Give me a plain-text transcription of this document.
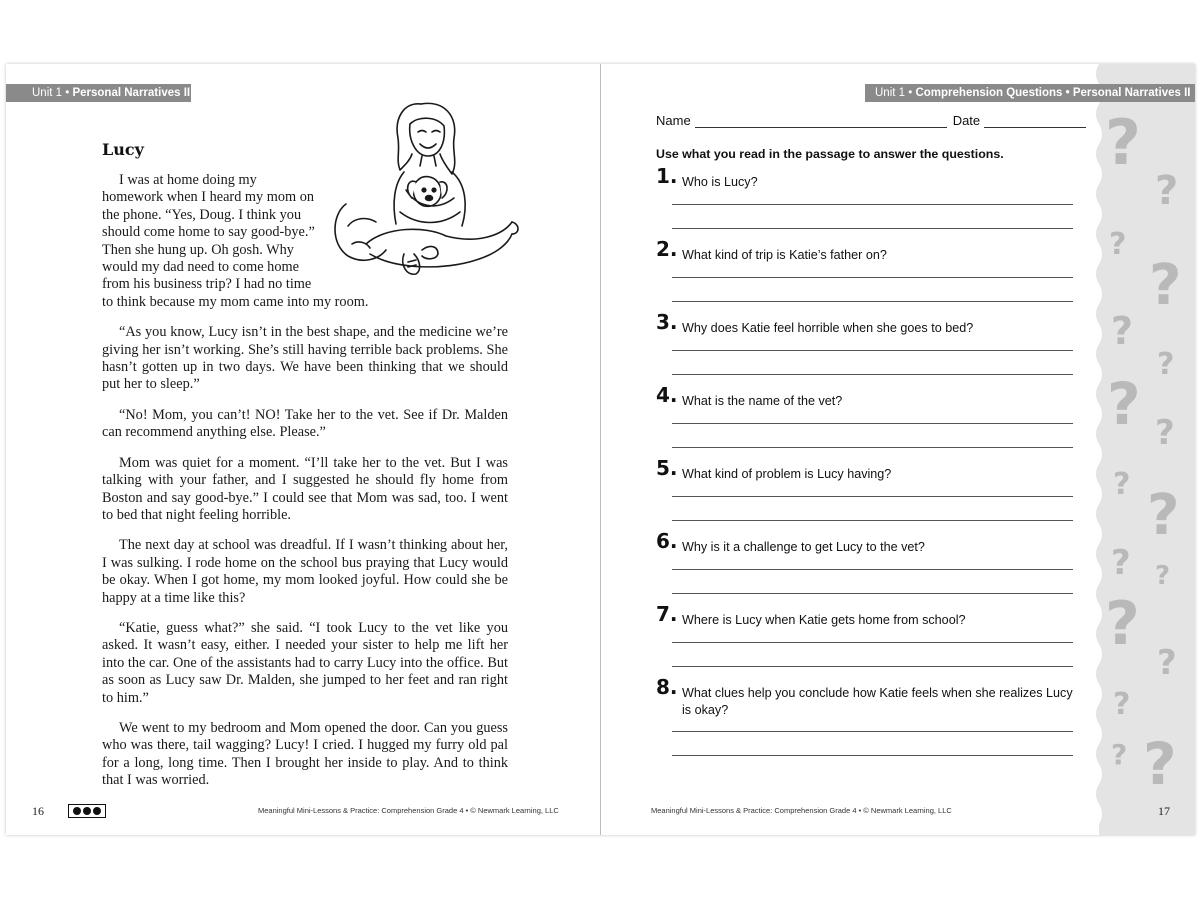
Unit 1 • Personal Narratives II
Lucy

I was at home doing my homework when I heard my mom on the phone. “Yes, Doug. I think you should come home to say good-bye.” Then she hung up. Oh gosh. Why would my dad need to come home from his business trip? I had no time to think because my mom came into my room.

“As you know, Lucy isn’t in the best shape, and the medicine we’re giving her isn’t working. She’s still having terrible back problems. She hasn’t gotten up in two days. We have been thinking that we should put her to sleep.”

“No! Mom, you can’t! NO! Take her to the vet. See if Dr. Malden can recommend anything else. Please.”

Mom was quiet for a moment. “I’ll take her to the vet. But I was talking with your father, and I suggested he should fly home from Boston and say good-bye.” I could see that Mom was sad, too. I went to bed that night feeling horrible.

The next day at school was dreadful. If I wasn’t thinking about her, I was sulking. I rode home on the school bus praying that Lucy would be okay. When I got home, my mom looked joyful. How could she be happy at a time like this?

“Katie, guess what?” she said. “I took Lucy to the vet like you asked. It wasn’t easy, either. I needed your sister to help me lift her into the car. One of the assistants had to carry Lucy into the office. But as soon as Lucy saw Dr. Malden, she jumped to her feet and ran right to him.”

We went to my bedroom and Mom opened the door. Can you guess who was there, tail wagging? Lucy! I cried. I hugged my furry old pal for a long, long time. Then I brought her inside to play. And to think that I was worried.

16	Meaningful Mini-Lessons & Practice: Comprehension Grade 4 • © Newmark Learning, LLC
?
?
?
?
?
?
? ?
? ?
? ?
?
?
?
?
?
Unit 1 • Comprehension Questions • Personal Narratives II
Name	Date

Use what you read in the passage to answer the questions.

1. Who is Lucy?
2. What kind of trip is Katie’s father on?
3. Why does Katie feel horrible when she goes to bed?
4. What is the name of the vet?
5. What kind of problem is Lucy having?
6. Why is it a challenge to get Lucy to the vet?
7. Where is Lucy when Katie gets home from school?
8. What clues help you conclude how Katie feels when she realizes Lucy is okay?
Meaningful Mini-Lessons & Practice: Comprehension Grade 4 • © Newmark Learning, LLC	17
